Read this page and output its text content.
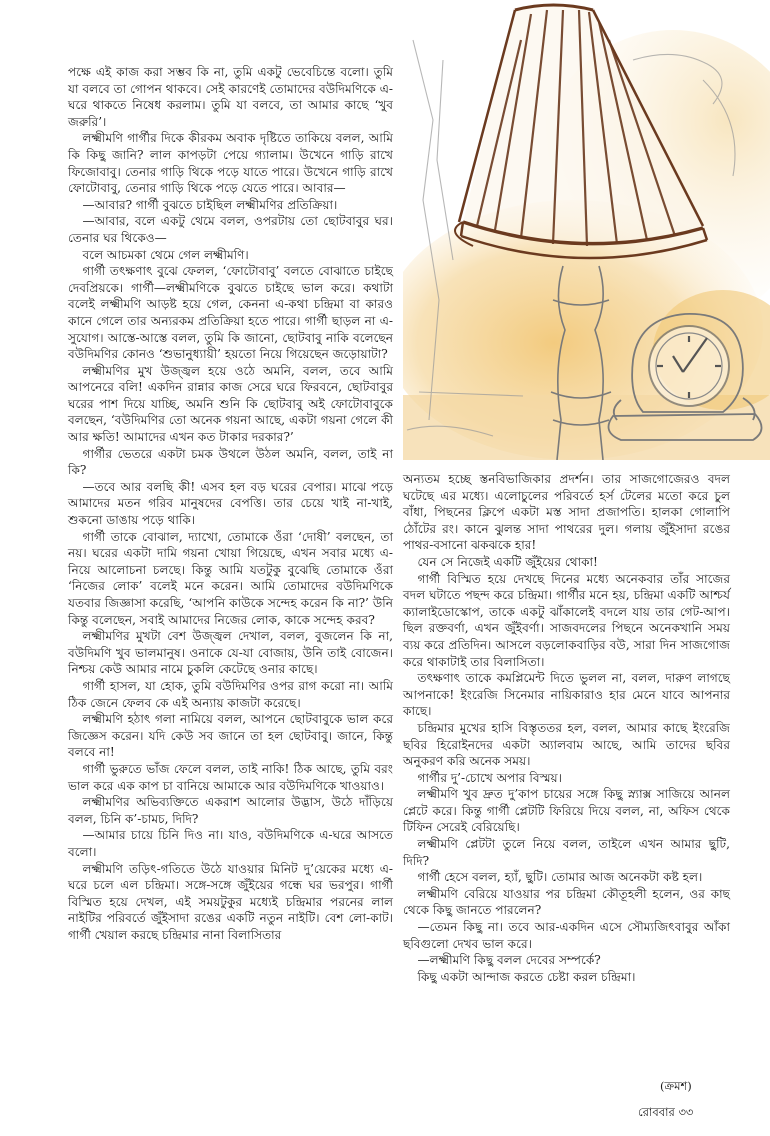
পক্ষে এই কাজ করা সম্ভব কি না, তুমি একটু ভেবেচিন্তে বলো। তুমি যা বলবে তা গোপন থাকবে। সেই কারণেই তোমাদের বউদিমণিকে এ-ঘরে থাকতে নিষেধ করলাম। তুমি যা বলবে, তা আমার কাছে ‘খুব জরুরি’।

লক্ষ্মীমণি গার্গীর দিকে কীরকম অবাক দৃষ্টিতে তাকিয়ে বলল, আমি কি কিছু জানি? লাল কাপড়টা পেয়ে গ্যালাম। উখেনে গাড়ি রাখে ফিজোবাবু। তেনার গাড়ি থিকে পড়ে যাতে পারে। উখেনে গাড়ি রাখে ফোটোবাবু, তেনার গাড়ি থিকে পড়ে যেতে পারে। আবার—

—আবার? গার্গী বুঝতে চাইছিল লক্ষ্মীমণির প্রতিক্রিয়া।

—আবার, বলে একটু থেমে বলল, ওপরটায় তো ছোটবাবুর ঘর। তেনার ঘর থিকেও—

বলে আচমকা থেমে গেল লক্ষ্মীমণি।

গার্গী তৎক্ষণাৎ বুঝে ফেলল, ‘ফোটোবাবু’ বলতে বোঝাতে চাইছে দেবপ্রিয়কে। গার্গী—লক্ষ্মীমণিকে বুঝতে চাইছে ভাল করে। কথাটা বলেই লক্ষ্মীমণি আড়ষ্ট হয়ে গেল, কেননা এ-কথা চন্দ্রিমা বা কারও কানে গেলে তার অন্যরকম প্রতিক্রিয়া হতে পারে। গার্গী ছাড়ল না এ-সুযোগ। আস্তে-আস্তে বলল, তুমি কি জানো, ছোটবাবু নাকি বলেছেন বউদিমণির কোনও ‘শুভানুধ্যায়ী’ হয়তো নিয়ে গিয়েছেন জড়োয়াটা?

লক্ষ্মীমণির মুখ উজ্জ্বল হয়ে ওঠে অমনি, বলল, তবে আমি আপনেরে বলি! একদিন রান্নার কাজ সেরে ঘরে ফিরবনে, ছোটবাবুর ঘরের পাশ দিয়ে যাচ্ছি, অমনি শুনি কি ছোটবাবু অই ফোটোবাবুকে বলছেন, ‘বউদিমণির তো অনেক গয়না আছে, একটা গয়না গেলে কী আর ক্ষতি! আমাদের এখন কত টাকার দরকার?’

গার্গীর ভেতরে একটা চমক উথলে উঠল অমনি, বলল, তাই না কি?

—তবে আর বলছি কী! এসব হল বড় ঘরের বেপার। মাঝে পড়ে আমাদের মতন গরিব মানুষদের বেপত্তি। তার চেয়ে খাই না-খাই, শুকনো ডাঙায় পড়ে থাকি।

গার্গী তাকে বোঝাল, দ্যাখো, তোমাকে ওঁরা ‘দোষী’ বলছেন, তা নয়। ঘরের একটা দামি গয়না খোয়া গিয়েছে, এখন সবার মধ্যে এ-নিয়ে আলোচনা চলছে। কিন্তু আমি যতটুকু বুঝেছি তোমাকে ওঁরা ‘নিজের লোক’ বলেই মনে করেন। আমি তোমাদের বউদিমণিকে যতবার জিজ্ঞাসা করেছি, ‘আপনি কাউকে সন্দেহ করেন কি না?’ উনি কিন্তু বলেছেন, সবাই আমাদের নিজের লোক, কাকে সন্দেহ করব?

লক্ষ্মীমণির মুখটা বেশ উজ্জ্বল দেখাল, বলল, বুজলেন কি না, বউদিমণি খুব ভালমানুষ। ওনাকে যে-যা বোজায়, উনি তাই বোজেন। নিশ্চয় কেউ আমার নামে চুকলি কেটেছে ওনার কাছে।

গার্গী হাসল, যা হোক, তুমি বউদিমণির ওপর রাগ করো না। আমি ঠিক জেনে ফেলব কে এই অন্যায় কাজটা করেছে।

লক্ষ্মীমণি হঠাৎ গলা নামিয়ে বলল, আপনে ছোটবাবুকে ভাল করে জিজ্ঞেস করেন। যদি কেউ সব জানে তা হল ছোটবাবু। জানে, কিন্তু বলবে না!

গার্গী ভুরুতে ভাঁজ ফেলে বলল, তাই নাকি! ঠিক আছে, তুমি বরং ভাল করে এক কাপ চা বানিয়ে আমাকে আর বউদিমণিকে খাওয়াও।

লক্ষ্মীমণির অভিব্যক্তিতে একরাশ আলোর উদ্ভাস, উঠে দাঁড়িয়ে বলল, চিনি ক’-চামচ, দিদি?

—আমার চায়ে চিনি দিও না। যাও, বউদিমণিকে এ-ঘরে আসতে বলো।

লক্ষ্মীমণি তড়িৎ-গতিতে উঠে যাওয়ার মিনিট দু’য়েকের মধ্যে এ-ঘরে চলে এল চন্দ্রিমা। সঙ্গে-সঙ্গে জুঁইয়ের গন্ধে ঘর ভরপুর। গার্গী বিস্মিত হয়ে দেখল, এই সময়টুকুর মধ্যেই চন্দ্রিমার পরনের লাল নাইটির পরিবর্তে জুঁইসাদা রঙের একটি নতুন নাইটি। বেশ লো-কাট। গার্গী খেয়াল করছে চন্দ্রিমার নানা বিলাসিতার

অন্যতম হচ্ছে স্তনবিভাজিকার প্রদর্শন। তার সাজগোজেরও বদল ঘটেছে এর মধ্যে। এলোচুলের পরিবর্তে হর্স টেলের মতো করে চুল বাঁধা, পিছনের ক্লিপে একটা মস্ত সাদা প্রজাপতি। হালকা গোলাপি ঠোঁটের রং। কানে ঝুলন্ত সাদা পাথরের দুল। গলায় জুঁইসাদা রঙের পাথর-বসানো ঝকঝকে হার!

যেন সে নিজেই একটি জুঁইয়ের থোকা!

গার্গী বিস্মিত হয়ে দেখছে দিনের মধ্যে অনেকবার তাঁর সাজের বদল ঘটাতে পছন্দ করে চন্দ্রিমা। গার্গীর মনে হয়, চন্দ্রিমা একটি আশ্চর্য ক্যালাইডোস্কোপ, তাকে একটু ঝাঁকালেই বদলে যায় তার গেট-আপ। ছিল রক্তবর্ণা, এখন জুঁইবর্ণা। সাজবদলের পিছনে অনেকখানি সময় ব্যয় করে প্রতিদিন। আসলে বড়লোকবাড়ির বউ, সারা দিন সাজগোজ করে থাকাটাই তার বিলাসিতা।

তৎক্ষণাৎ তাকে কমপ্লিমেন্ট দিতে ভুলল না, বলল, দারুণ লাগছে আপনাকে! ইংরেজি সিনেমার নায়িকারাও হার মেনে যাবে আপনার কাছে।

চন্দ্রিমার মুখের হাসি বিস্তৃততর হল, বলল, আমার কাছে ইংরেজি ছবির হিরোইনদের একটা অ্যালবাম আছে, আমি তাদের ছবির অনুকরণ করি অনেক সময়।

গার্গীর দু’-চোখে অপার বিস্ময়।

লক্ষ্মীমণি খুব দ্রুত দু’কাপ চায়ের সঙ্গে কিছু স্ন্যাক্স সাজিয়ে আনল প্লেটে করে। কিন্তু গার্গী প্লেটটি ফিরিয়ে দিয়ে বলল, না, অফিস থেকে টিফিন সেরেই বেরিয়েছি।

লক্ষ্মীমণি প্লেটটা তুলে নিয়ে বলল, তাইলে এখন আমার ছুটি, দিদি?

গার্গী হেসে বলল, হ্যাঁ, ছুটি। তোমার আজ অনেকটা কষ্ট হল।

লক্ষ্মীমণি বেরিয়ে যাওয়ার পর চন্দ্রিমা কৌতূহলী হলেন, ওর কাছ থেকে কিছু জানতে পারলেন?

—তেমন কিছু না। তবে আর-একদিন এসে সৌম্যজিৎবাবুর আঁকা ছবিগুলো দেখব ভাল করে।

—লক্ষ্মীমণি কিছু বলল দেবের সম্পর্কে?

কিছু একটা আন্দাজ করতে চেষ্টা করল চন্দ্রিমা।

(ক্রমশ)
রোববার ৩৩
